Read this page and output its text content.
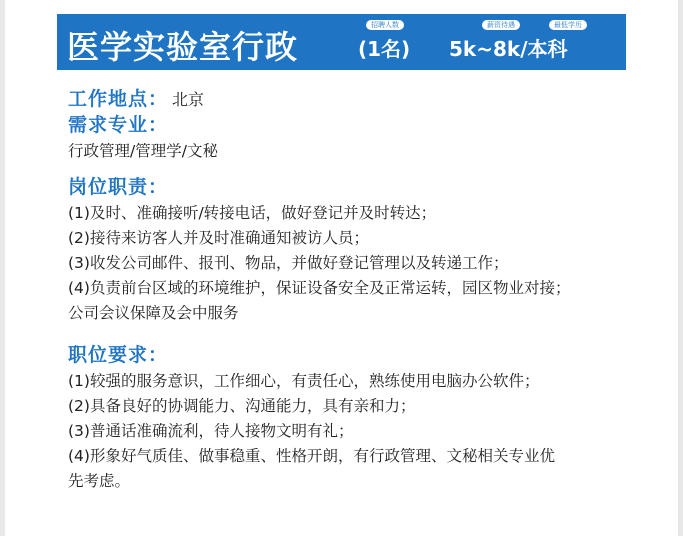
医学实验室行政
招聘人数	薪资待遇	最低学历
(1名) 5k~8k/本科
工作地点： 北京
需求专业：
行政管理/管理学/文秘
岗位职责：
(1)及时、准确接听/转接电话，做好登记并及时转达；
(2)接待来访客人并及时准确通知被访人员；
(3)收发公司邮件、报刊、物品，并做好登记管理以及转递工作；
(4)负责前台区域的环境维护，保证设备安全及正常运转，园区物业对接；
公司会议保障及会中服务
职位要求：
(1)较强的服务意识，工作细心，有责任心，熟练使用电脑办公软件；
(2)具备良好的协调能力、沟通能力，具有亲和力；
(3)普通话准确流利，待人接物文明有礼；
(4)形象好气质佳、做事稳重、性格开朗，有行政管理、文秘相关专业优
先考虑。
